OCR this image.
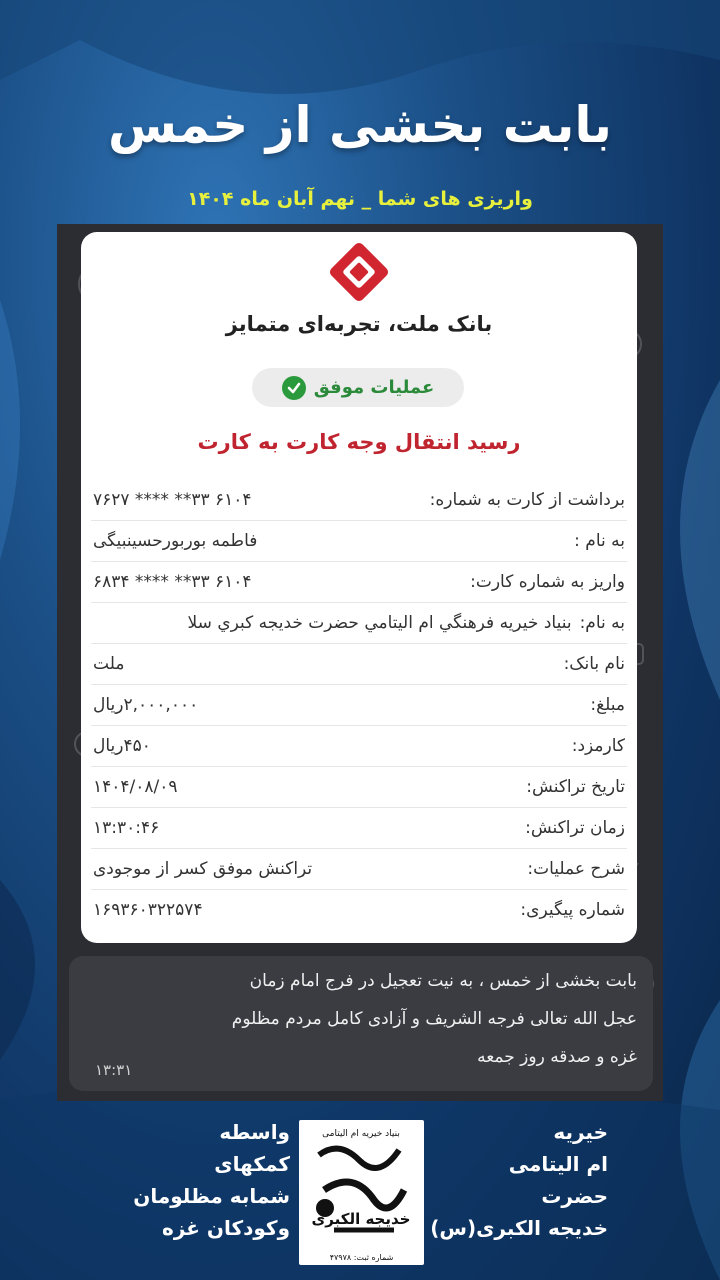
بابت بخشی از خمس
واریزی های شما _ نهم آبان ماه ۱۴۰۴
بانک ملت، تجربه‌ای متمایز
عملیات موفق
رسید انتقال وجه کارت به کارت
برداشت از کارت به شماره:
۶۱۰۴ ۳۳** **** ۷۶۲۷
به نام :
فاطمه بوربورحسینبیگی
واریز به شماره کارت:
۶۱۰۴ ۳۳** **** ۶۸۳۴
به نام:
بنیاد خیریه فرهنگي ام اليتامي حضرت خديجه کبري سلا
نام بانک:
ملت
مبلغ:
۲,۰۰۰,۰۰۰ریال
کارمزد:
۴۵۰ریال
تاریخ تراکنش:
۱۴۰۴/۰۸/۰۹
زمان تراکنش:
۱۳:۳۰:۴۶
شرح عملیات:
تراکنش موفق کسر از موجودی
شماره پیگیری:
۱۶۹۳۶۰۳۲۲۵۷۴
بابت بخشی از خمس ، به نیت تعجیل در فرج امام زمان
عجل الله تعالی فرجه الشریف و آزادی کامل مردم مظلوم
غزه و صدقه روز جمعه
۱۳:۳۱
خیریه
ام الیتامی
حضرت
خدیجه الکبری(س)
بنیاد خیریه ام الیتامی
خدیجه الکبری
شماره ثبت: ۴۷۹۷۸
واسطه
کمکهای
شمابه مظلومان
وکودکان غزه
